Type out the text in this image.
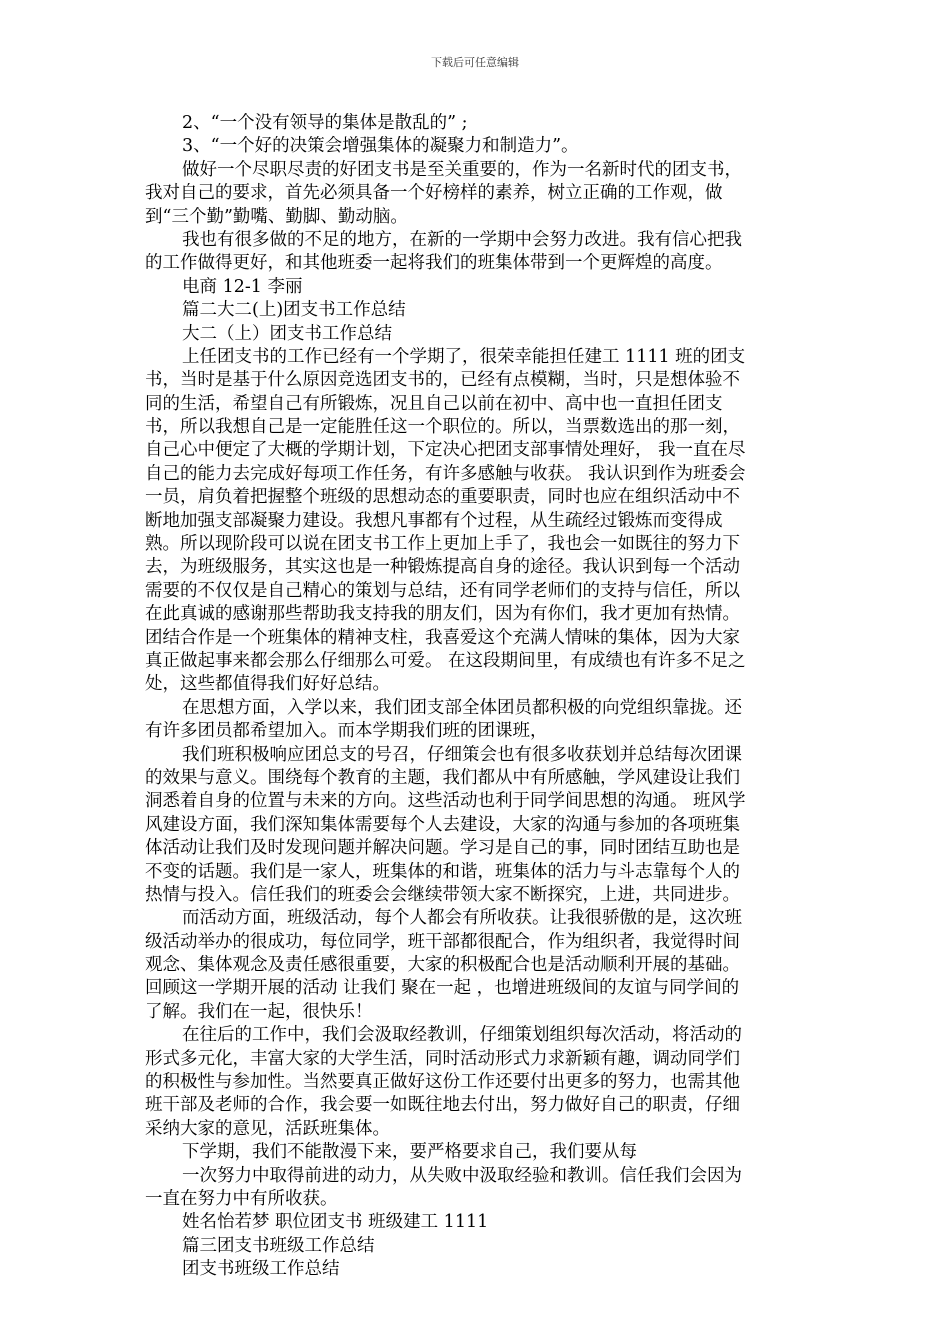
下载后可任意编辑
2、“一个没有领导的集体是散乱的” ;
3、“一个好的决策会增强集体的凝聚力和制造力”。
做好一个尽职尽责的好团支书是至关重要的，作为一名新时代的团支书，
我对自己的要求，首先必须具备一个好榜样的素养，树立正确的工作观，做
到“三个勤”勤嘴、勤脚、勤动脑。
我也有很多做的不足的地方，在新的一学期中会努力改进。我有信心把我
的工作做得更好，和其他班委一起将我们的班集体带到一个更辉煌的高度。
电商 12-1 李丽
篇二大二(上)团支书工作总结
大二（上）团支书工作总结
上任团支书的工作已经有一个学期了，很荣幸能担任建工 1111 班的团支
书，当时是基于什么原因竞选团支书的，已经有点模糊，当时，只是想体验不
同的生活，希望自己有所锻炼，况且自己以前在初中、高中也一直担任团支
书，所以我想自己是一定能胜任这一个职位的。所以，当票数选出的那一刻，
自己心中便定了大概的学期计划，下定决心把团支部事情处理好， 我一直在尽
自己的能力去完成好每项工作任务，有许多感触与收获。 我认识到作为班委会
一员，肩负着把握整个班级的思想动态的重要职责，同时也应在组织活动中不
断地加强支部凝聚力建设。我想凡事都有个过程，从生疏经过锻炼而变得成
熟。所以现阶段可以说在团支书工作上更加上手了，我也会一如既往的努力下
去，为班级服务，其实这也是一种锻炼提高自身的途径。我认识到每一个活动
需要的不仅仅是自己精心的策划与总结，还有同学老师们的支持与信任，所以
在此真诚的感谢那些帮助我支持我的朋友们，因为有你们，我才更加有热情。
团结合作是一个班集体的精神支柱，我喜爱这个充满人情味的集体，因为大家
真正做起事来都会那么仔细那么可爱。 在这段期间里，有成绩也有许多不足之
处，这些都值得我们好好总结。
在思想方面，入学以来，我们团支部全体团员都积极的向党组织靠拢。还
有许多团员都希望加入。而本学期我们班的团课班，
我们班积极响应团总支的号召，仔细策会也有很多收获划并总结每次团课
的效果与意义。围绕每个教育的主题，我们都从中有所感触，学风建设让我们
洞悉着自身的位置与未来的方向。这些活动也利于同学间思想的沟通。 班风学
风建设方面，我们深知集体需要每个人去建设，大家的沟通与参加的各项班集
体活动让我们及时发现问题并解决问题。学习是自己的事，同时团结互助也是
不变的话题。我们是一家人，班集体的和谐，班集体的活力与斗志靠每个人的
热情与投入。信任我们的班委会会继续带领大家不断探究，上进，共同进步。
而活动方面，班级活动，每个人都会有所收获。让我很骄傲的是，这次班
级活动举办的很成功，每位同学，班干部都很配合，作为组织者，我觉得时间
观念、集体观念及责任感很重要，大家的积极配合也是活动顺利开展的基础。
回顾这一学期开展的活动 让我们 聚在一起 ，也增进班级间的友谊与同学间的
了解。我们在一起，很快乐！
在往后的工作中，我们会汲取经教训，仔细策划组织每次活动，将活动的
形式多元化，丰富大家的大学生活，同时活动形式力求新颖有趣，调动同学们
的积极性与参加性。当然要真正做好这份工作还要付出更多的努力，也需其他
班干部及老师的合作，我会要一如既往地去付出，努力做好自己的职责，仔细
采纳大家的意见，活跃班集体。
下学期，我们不能散漫下来，要严格要求自己，我们要从每
一次努力中取得前进的动力，从失败中汲取经验和教训。信任我们会因为
一直在努力中有所收获。
姓名怡若梦 职位团支书 班级建工 1111
篇三团支书班级工作总结
团支书班级工作总结
